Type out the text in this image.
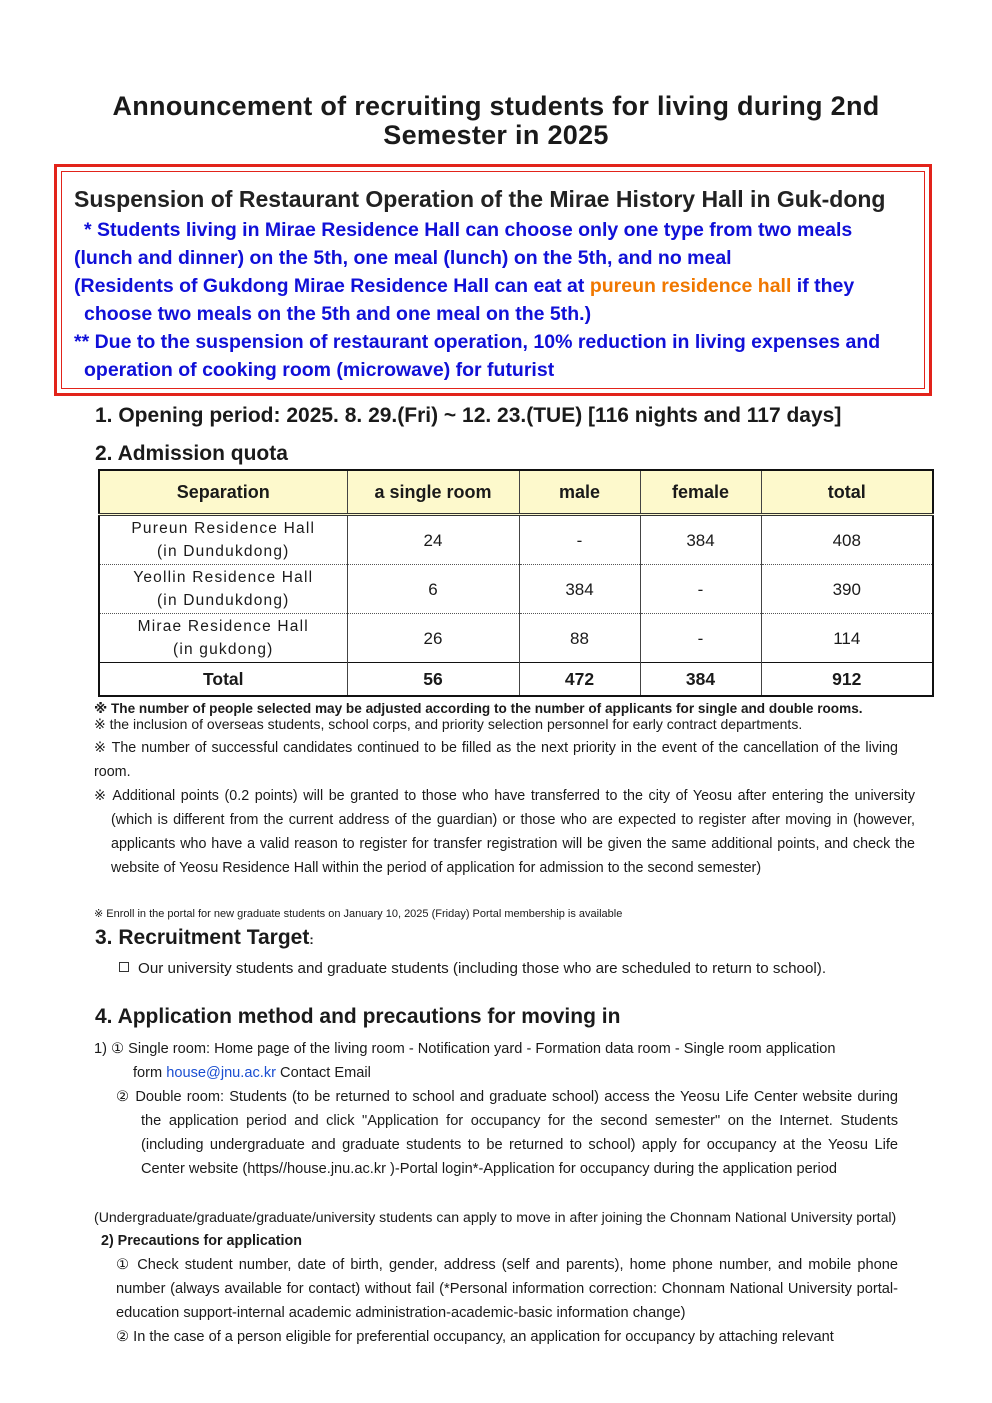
Announcement of recruiting students for living during 2nd
Semester in 2025
Suspension of Restaurant Operation of the Mirae History Hall in Guk-dong
* Students living in Mirae Residence Hall can choose only one type from two meals
(lunch and dinner) on the 5th, one meal (lunch) on the 5th, and no meal
(Residents of Gukdong Mirae Residence Hall can eat at pureun residence hall if they
choose two meals on the 5th and one meal on the 5th.)
** Due to the suspension of restaurant operation, 10% reduction in living expenses and
operation of cooking room (microwave) for futurist
1. Opening period: 2025. 8. 29.(Fri) ~ 12. 23.(TUE) [116 nights and 117 days]
2. Admission quota
Separation	a single room	male	female	total

Pureun Residence Hall
(in Dundukdong)	24	-	384	408

Yeollin Residence Hall
(in Dundukdong)	6	384	-	390

Mirae Residence Hall
(in gukdong)	26	88	-	114
Total	56	472	384	912
※ The number of people selected may be adjusted according to the number of applicants for single and double rooms.
※ the inclusion of overseas students, school corps, and priority selection personnel for early contract departments.
※ The number of successful candidates continued to be filled as the next priority in the event of the cancellation of the living room.
※ Additional points (0.2 points) will be granted to those who have transferred to the city of Yeosu after entering the university (which is different from the current address of the guardian) or those who are expected to register after moving in (however, applicants who have a valid reason to register for transfer registration will be given the same additional points, and check the website of Yeosu Residence Hall within the period of application for admission to the second semester)
※ Enroll in the portal for new graduate students on January 10, 2025 (Friday) Portal membership is available
3. Recruitment Target:
Our university students and graduate students (including those who are scheduled to return to school).
4. Application method and precautions for moving in
1) ① Single room: Home page of the living room - Notification yard - Formation data room - Single room application
form house@jnu.ac.kr Contact Email
② Double room: Students (to be returned to school and graduate school) access the Yeosu Life Center website during the application period and click "Application for occupancy for the second semester" on the Internet. Students (including undergraduate and graduate students to be returned to school) apply for occupancy at the Yeosu Life Center website (https//house.jnu.ac.kr )-Portal login*-Application for occupancy during the application period
(Undergraduate/graduate/graduate/university students can apply to move in after joining the Chonnam National University portal)
2) Precautions for application
① Check student number, date of birth, gender, address (self and parents), home phone number, and mobile phone number (always available for contact) without fail (*Personal information correction: Chonnam National University portal-education support-internal academic administration-academic-basic information change)
② In the case of a person eligible for preferential occupancy, an application for occupancy by attaching relevant
